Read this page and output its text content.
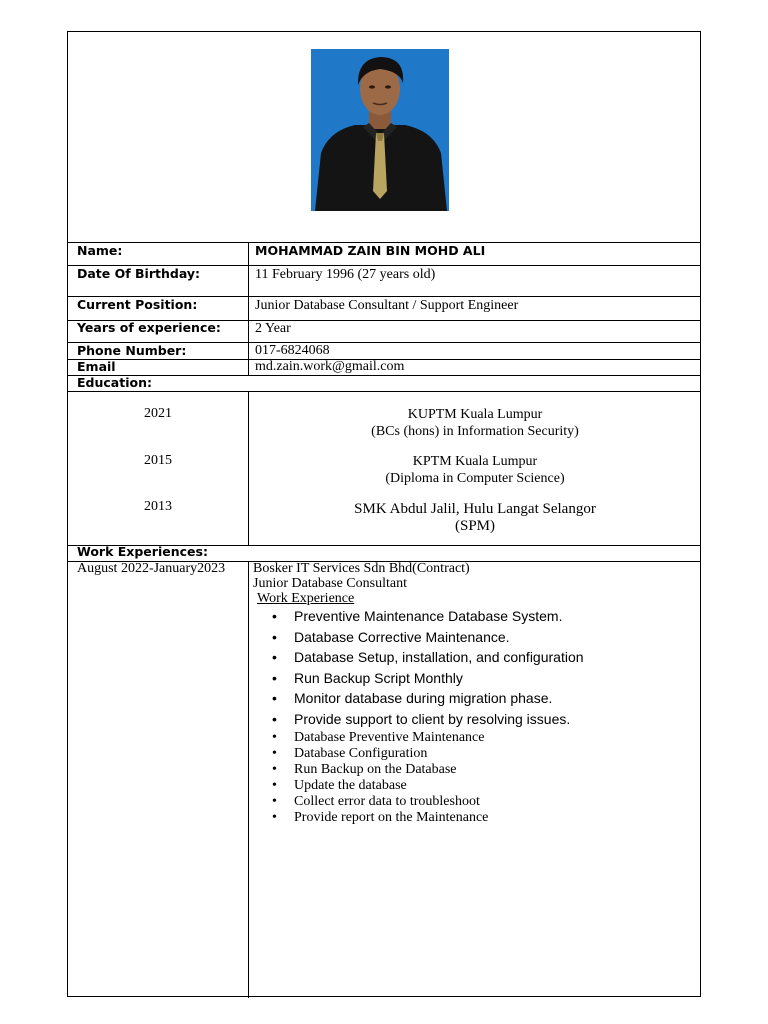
Name:	MOHAMMAD ZAIN BIN MOHD ALI
Date Of Birthday:	11 February 1996 (27 years old)
Current Position:	Junior Database Consultant / Support Engineer
Years of experience: 2 Year
Phone Number:	017-6824068
Email	md.zain.work@gmail.com
Education:
2021	KUPTM Kuala Lumpur
(BCs (hons) in Information Security)
2015	KPTM Kuala Lumpur
(Diploma in Computer Science)
2013	SMK Abdul Jalil, Hulu Langat Selangor
(SPM)
Work Experiences:
August 2022-January2023 Bosker IT Services Sdn Bhd(Contract)
Junior Database Consultant
Work Experience
• Preventive Maintenance Database System.
• Database Corrective Maintenance.
• Database Setup, installation, and configuration
• Run Backup Script Monthly
• Monitor database during migration phase.
• Provide support to client by resolving issues.
• Database Preventive Maintenance
• Database Configuration
• Run Backup on the Database
• Update the database
• Collect error data to troubleshoot
• Provide report on the Maintenance
